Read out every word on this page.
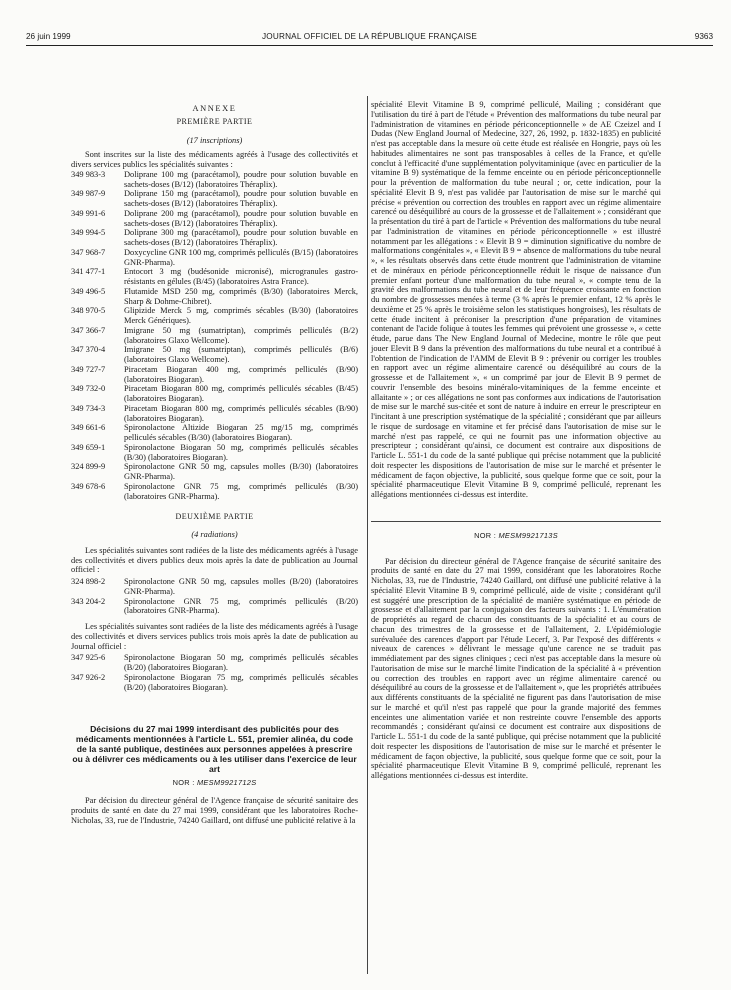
26 juin 1999	JOURNAL OFFICIEL DE LA RÉPUBLIQUE FRANÇAISE	9363

ANNEXE

PREMIÈRE PARTIE

(17 inscriptions)

Sont inscrites sur la liste des médicaments agréés à l'usage des collectivités et divers services publics les spécialités suivantes :

349 983-3	Doliprane 100 mg (paracétamol), poudre pour solution buvable en sachets-doses (B/12) (laboratoires Théraplix).
349 987-9	Doliprane 150 mg (paracétamol), poudre pour solution buvable en sachets-doses (B/12) (laboratoires Théraplix).
349 991-6	Doliprane 200 mg (paracétamol), poudre pour solution buvable en sachets-doses (B/12) (laboratoires Théraplix).
349 994-5	Doliprane 300 mg (paracétamol), poudre pour solution buvable en sachets-doses (B/12) (laboratoires Théraplix).
347 968-7	Doxycycline GNR 100 mg, comprimés pelliculés (B/15) (laboratoires GNR-Pharma).
341 477-1	Entocort 3 mg (budésonide micronisé), microgranules gastro-résistants en gélules (B/45) (laboratoires Astra France).
349 496-5	Flutamide MSD 250 mg, comprimés (B/30) (laboratoires Merck, Sharp & Dohme-Chibret).
348 970-5	Glipizide Merck 5 mg, comprimés sécables (B/30) (laboratoires Merck Génériques).
347 366-7	Imigrane 50 mg (sumatriptan), comprimés pelliculés (B/2) (laboratoires Glaxo Wellcome).
347 370-4	Imigrane 50 mg (sumatriptan), comprimés pelliculés (B/6) (laboratoires Glaxo Wellcome).
349 727-7	Piracetam Biogaran 400 mg, comprimés pelliculés (B/90) (laboratoires Biogaran).
349 732-0	Piracetam Biogaran 800 mg, comprimés pelliculés sécables (B/45) (laboratoires Biogaran).
349 734-3	Piracetam Biogaran 800 mg, comprimés pelliculés sécables (B/90) (laboratoires Biogaran).
349 661-6	Spironolactone Altizide Biogaran 25 mg/15 mg, comprimés pelliculés sécables (B/30) (laboratoires Biogaran).
349 659-1	Spironolactone Biogaran 50 mg, comprimés pelliculés sécables (B/30) (laboratoires Biogaran).
324 899-9	Spironolactone GNR 50 mg, capsules molles (B/30) (laboratoires GNR-Pharma).
349 678-6	Spironolactone GNR 75 mg, comprimés pelliculés (B/30) (laboratoires GNR-Pharma).

DEUXIÈME PARTIE

(4 radiations)

Les spécialités suivantes sont radiées de la liste des médicaments agréés à l'usage des collectivités et divers publics deux mois après la date de publication au Journal officiel :

324 898-2	Spironolactone GNR 50 mg, capsules molles (B/20) (laboratoires GNR-Pharma).
343 204-2	Spironolactone GNR 75 mg, comprimés pelliculés (B/20) (laboratoires GNR-Pharma).

Les spécialités suivantes sont radiées de la liste des médicaments agréés à l'usage des collectivités et divers services publics trois mois après la date de publication au Journal officiel :

347 925-6	Spironolactone Biogaran 50 mg, comprimés pelliculés sécables (B/20) (laboratoires Biogaran).
347 926-2	Spironolactone Biogaran 75 mg, comprimés pelliculés sécables (B/20) (laboratoires Biogaran).

Décisions du 27 mai 1999 interdisant des publicités pour des médicaments mentionnées à l'article L. 551, premier alinéa, du code de la santé publique, destinées aux personnes appelées à prescrire ou à délivrer ces médicaments ou à les utiliser dans l'exercice de leur art

NOR : MESM9921712S

Par décision du directeur général de l'Agence française de sécurité sanitaire des produits de santé en date du 27 mai 1999, considérant que les laboratoires Roche-Nicholas, 33, rue de l'Industrie, 74240 Gaillard, ont diffusé une publicité relative à la

spécialité Elevit Vitamine B 9, comprimé pelliculé, Mailing ; considérant que l'utilisation du tiré à part de l'étude « Prévention des malformations du tube neural par l'administration de vitamines en période périconceptionnelle » de AE Czeizel and I Dudas (New England Journal of Medecine, 327, 26, 1992, p. 1832-1835) en publicité n'est pas acceptable dans la mesure où cette étude est réalisée en Hongrie, pays où les habitudes alimentaires ne sont pas transposables à celles de la France, et qu'elle conclut à l'efficacité d'une supplémentation polyvitaminique (avec en particulier de la vitamine B 9) systématique de la femme enceinte ou en période périconceptionnelle pour la prévention de malformation du tube neural ; or, cette indication, pour la spécialité Elevit B 9, n'est pas validée par l'autorisation de mise sur le marché qui précise « prévention ou correction des troubles en rapport avec un régime alimentaire carencé ou déséquilibré au cours de la grossesse et de l'allaitement » ; considérant que la présentation du tiré à part de l'article « Prévention des malformations du tube neural par l'administration de vitamines en période périconceptionnelle » est illustré notamment par les allégations : « Elevit B 9 = diminution significative du nombre de malformations congénitales », « Elevit B 9 = absence de malformations du tube neural », « les résultats observés dans cette étude montrent que l'administration de vitamine et de minéraux en période périconceptionnelle réduit le risque de naissance d'un premier enfant porteur d'une malformation du tube neural », « compte tenu de la gravité des malformations du tube neural et de leur fréquence croissante en fonction du nombre de grossesses menées à terme (3 % après le premier enfant, 12 % après le deuxième et 25 % après le troisième selon les statistiques hongroises), les résultats de cette étude incitent à préconiser la prescription d'une préparation de vitamines contenant de l'acide folique à toutes les femmes qui prévoient une grossesse », « cette étude, parue dans The New England Journal of Medecine, montre le rôle que peut jouer Elevit B 9 dans la prévention des malformations du tube neural et a contribué à l'obtention de l'indication de l'AMM de Elevit B 9 : prévenir ou corriger les troubles en rapport avec un régime alimentaire carencé ou déséquilibré au cours de la grossesse et de l'allaitement », « un comprimé par jour de Elevit B 9 permet de couvrir l'ensemble des besoins minéralo-vitaminiques de la femme enceinte et allaitante » ; or ces allégations ne sont pas conformes aux indications de l'autorisation de mise sur le marché sus-citée et sont de nature à induire en erreur le prescripteur en l'incitant à une prescription systématique de la spécialité ; considérant que par ailleurs le risque de surdosage en vitamine et fer précisé dans l'autorisation de mise sur le marché n'est pas rappelé, ce qui ne fournit pas une information objective au prescripteur ; considérant qu'ainsi, ce document est contraire aux dispositions de l'article L. 551-1 du code de la santé publique qui précise notamment que la publicité doit respecter les dispositions de l'autorisation de mise sur le marché et présenter le médicament de façon objective, la publicité, sous quelque forme que ce soit, pour la spécialité pharmaceutique Elevit Vitamine B 9, comprimé pelliculé, reprenant les allégations mentionnées ci-dessus est interdite.

NOR : MESM9921713S

Par décision du directeur général de l'Agence française de sécurité sanitaire des produits de santé en date du 27 mai 1999, considérant que les laboratoires Roche Nicholas, 33, rue de l'Industrie, 74240 Gaillard, ont diffusé une publicité relative à la spécialité Elevit Vitamine B 9, comprimé pelliculé, aide de visite ; considérant qu'il est suggéré une prescription de la spécialité de manière systématique en période de grossesse et d'allaitement par la conjugaison des facteurs suivants : 1. L'énumération de propriétés au regard de chacun des constituants de la spécialité et au cours de chacun des trimestres de la grossesse et de l'allaitement, 2. L'épidémiologie surévaluée des carences d'apport par l'étude Lecerf, 3. Par l'exposé des différents « niveaux de carences » délivrant le message qu'une carence ne se traduit pas immédiatement par des signes cliniques ; ceci n'est pas acceptable dans la mesure où l'autorisation de mise sur le marché limite l'indication de la spécialité à « prévention ou correction des troubles en rapport avec un régime alimentaire carencé ou déséquilibré au cours de la grossesse et de l'allaitement », que les propriétés attribuées aux différents constituants de la spécialité ne figurent pas dans l'autorisation de mise sur le marché et qu'il n'est pas rappelé que pour la grande majorité des femmes enceintes une alimentation variée et non restreinte couvre l'ensemble des apports recommandés ; considérant qu'ainsi ce document est contraire aux dispositions de l'article L. 551-1 du code de la santé publique, qui précise notamment que la publicité doit respecter les dispositions de l'autorisation de mise sur le marché et présenter le médicament de façon objective, la publicité, sous quelque forme que ce soit, pour la spécialité pharmaceutique Elevit Vitamine B 9, comprimé pelliculé, reprenant les allégations mentionnées ci-dessus est interdite.
